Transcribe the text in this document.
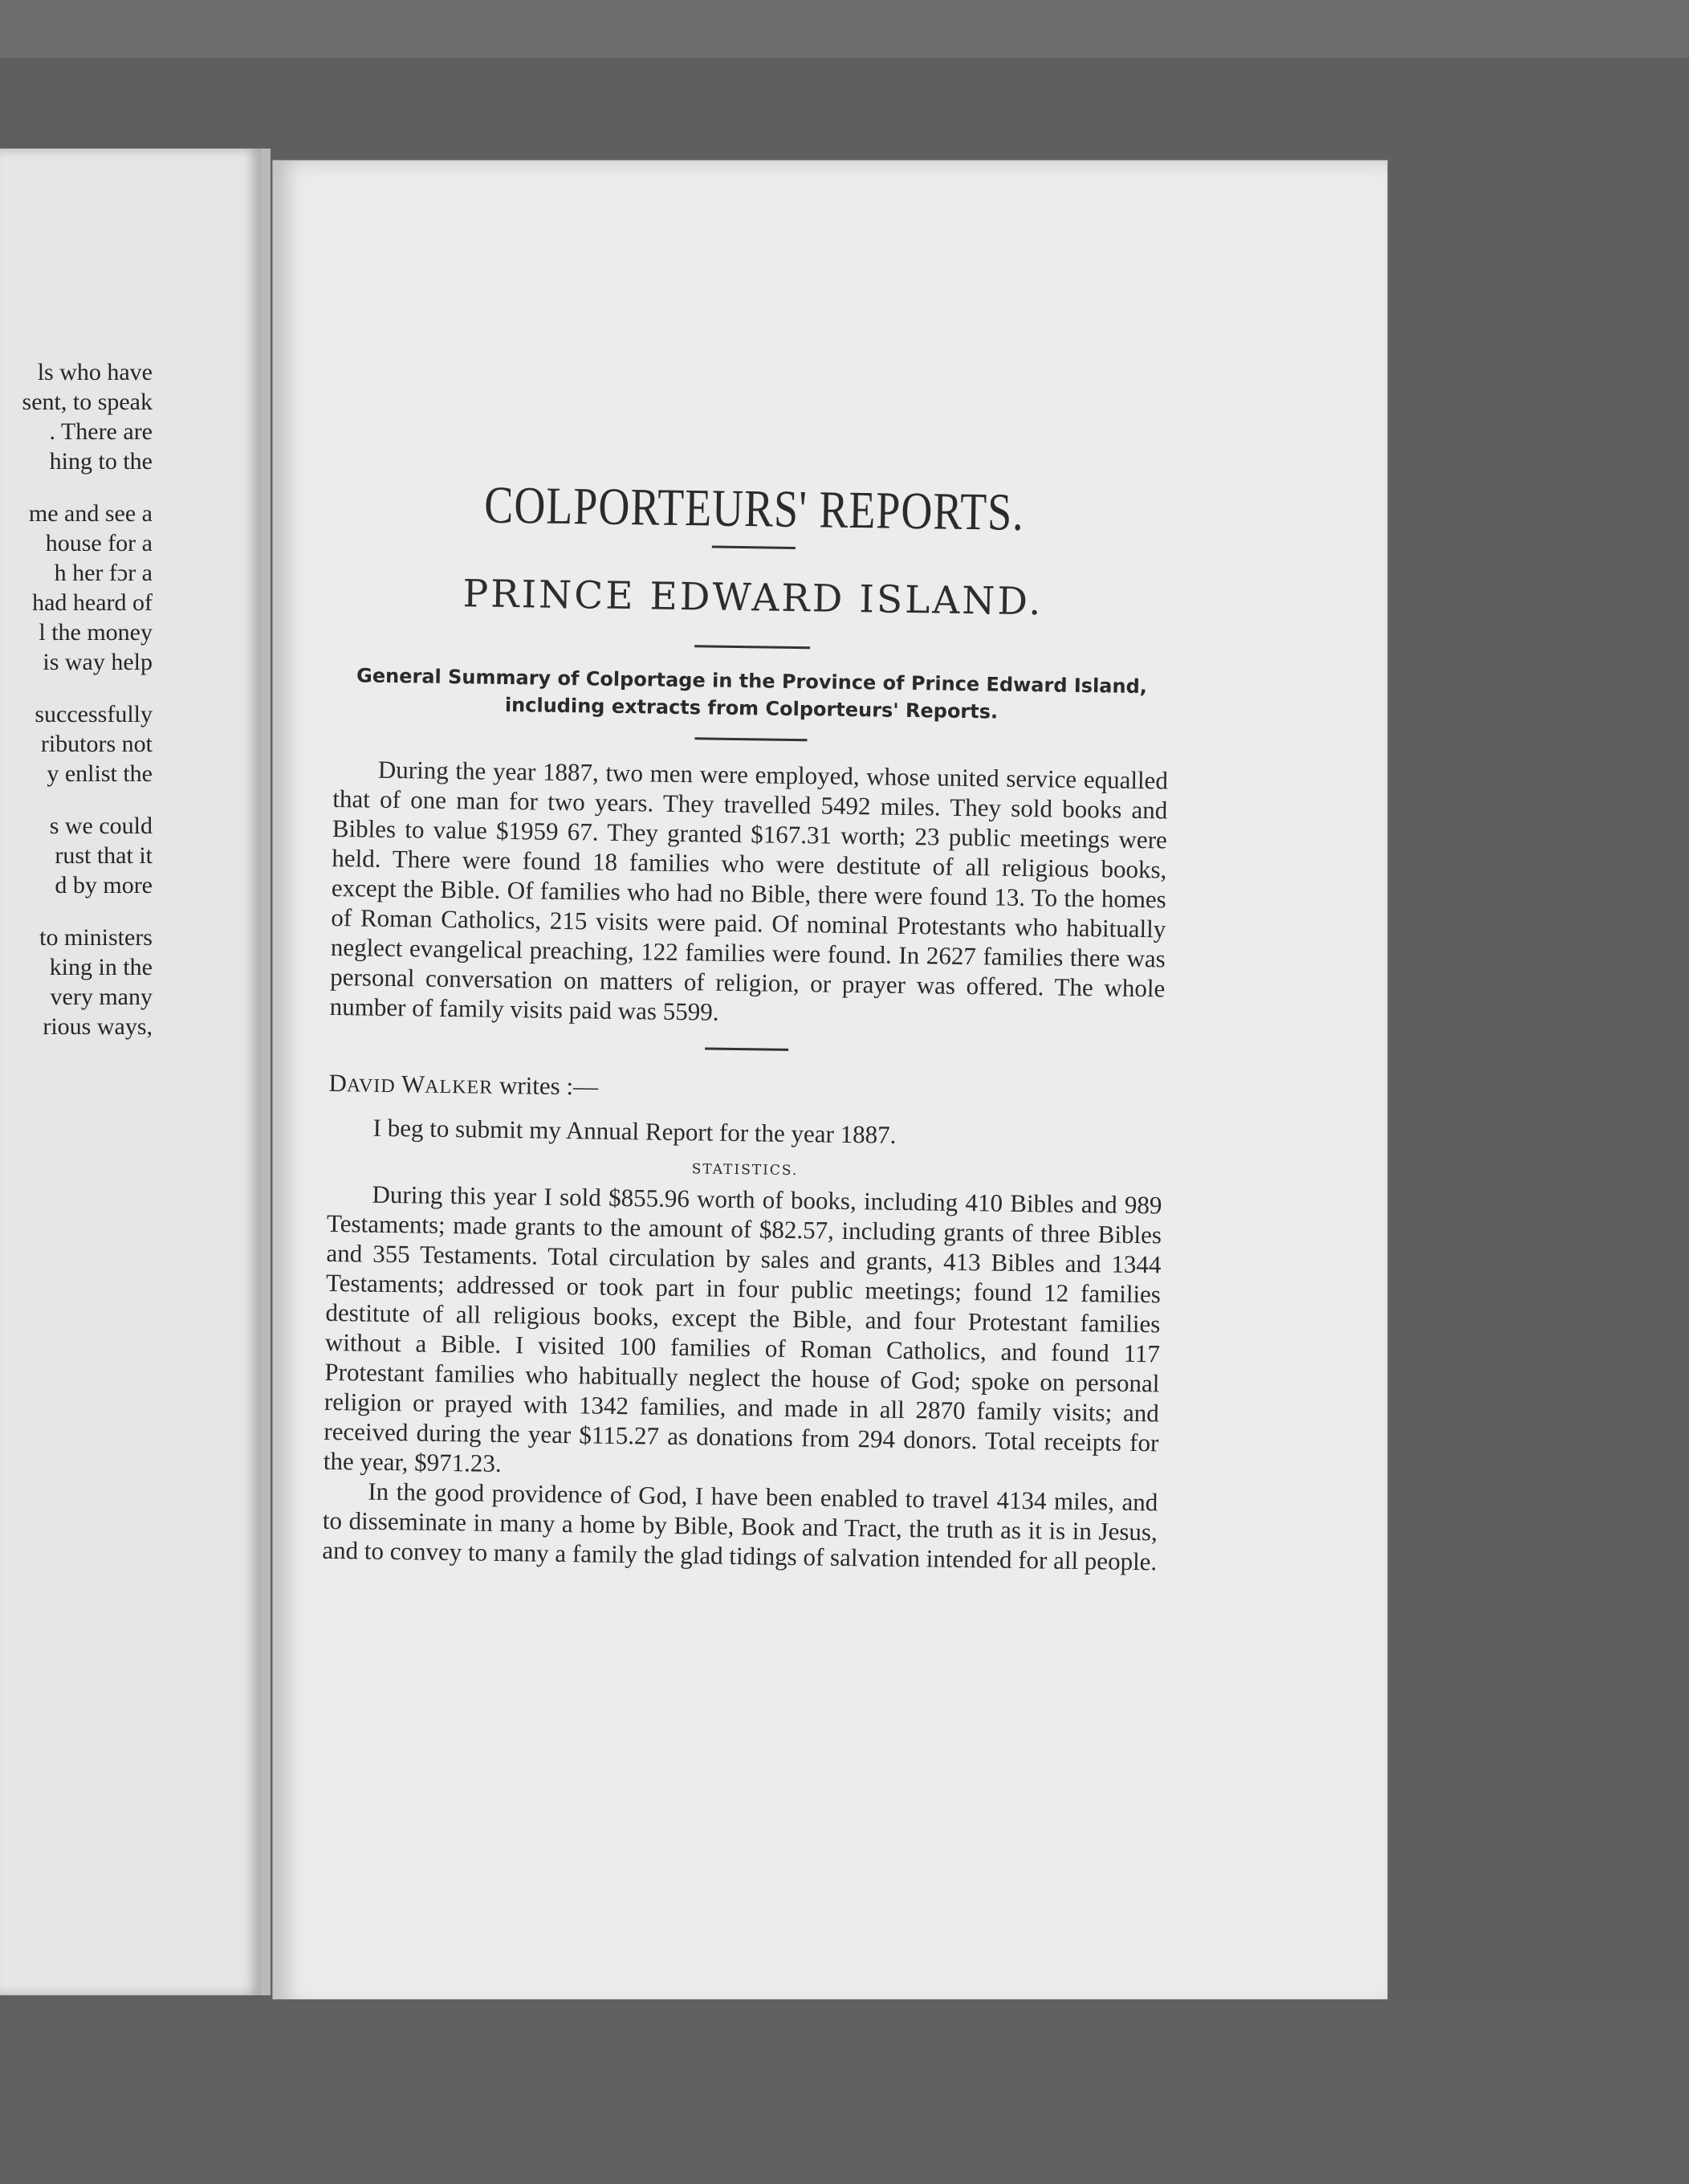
ls who have
sent, to speak
. There are
hing to the
me and see a
house for a
h her fɔr a
had heard of
l the money
is way help
successfully
ributors not
y enlist the
s we could
rust that it
d by more
to ministers
king in the
very many
rious ways,
COLPORTEURS' REPORTS.
PRINCE EDWARD ISLAND.
General Summary of Colportage in the Province of Prince Edward Island, including extracts from Colporteurs' Reports.

During the year 1887, two men were employed, whose united service equalled that of one man for two years. They travelled 5492 miles. They sold books and Bibles to value $1959 67. They granted $167.31 worth; 23 public meetings were held. There were found 18 families who were destitute of all religious books, except the Bible. Of families who had no Bible, there were found 13. To the homes of Roman Catholics, 215 visits were paid. Of nominal Protestants who habitually neglect evangelical preaching, 122 families were found. In 2627 families there was personal conversation on matters of religion, or prayer was offered. The whole number of family visits paid was 5599.

DAVID WALKER writes :—

I beg to submit my Annual Report for the year 1887.

STATISTICS.

During this year I sold $855.96 worth of books, including 410 Bibles and 989 Testaments; made grants to the amount of $82.57, including grants of three Bibles and 355 Testaments. Total circulation by sales and grants, 413 Bibles and 1344 Testaments; addressed or took part in four public meetings; found 12 families destitute of all religious books, except the Bible, and four Protestant families without a Bible. I visited 100 families of Roman Catholics, and found 117 Protestant families who habitually neglect the house of God; spoke on personal religion or prayed with 1342 families, and made in all 2870 family visits; and received during the year $115.27 as donations from 294 donors. Total receipts for the year, $971.23.

In the good providence of God, I have been enabled to travel 4134 miles, and to disseminate in many a home by Bible, Book and Tract, the truth as it is in Jesus, and to convey to many a family the glad tidings of salvation intended for all people.
